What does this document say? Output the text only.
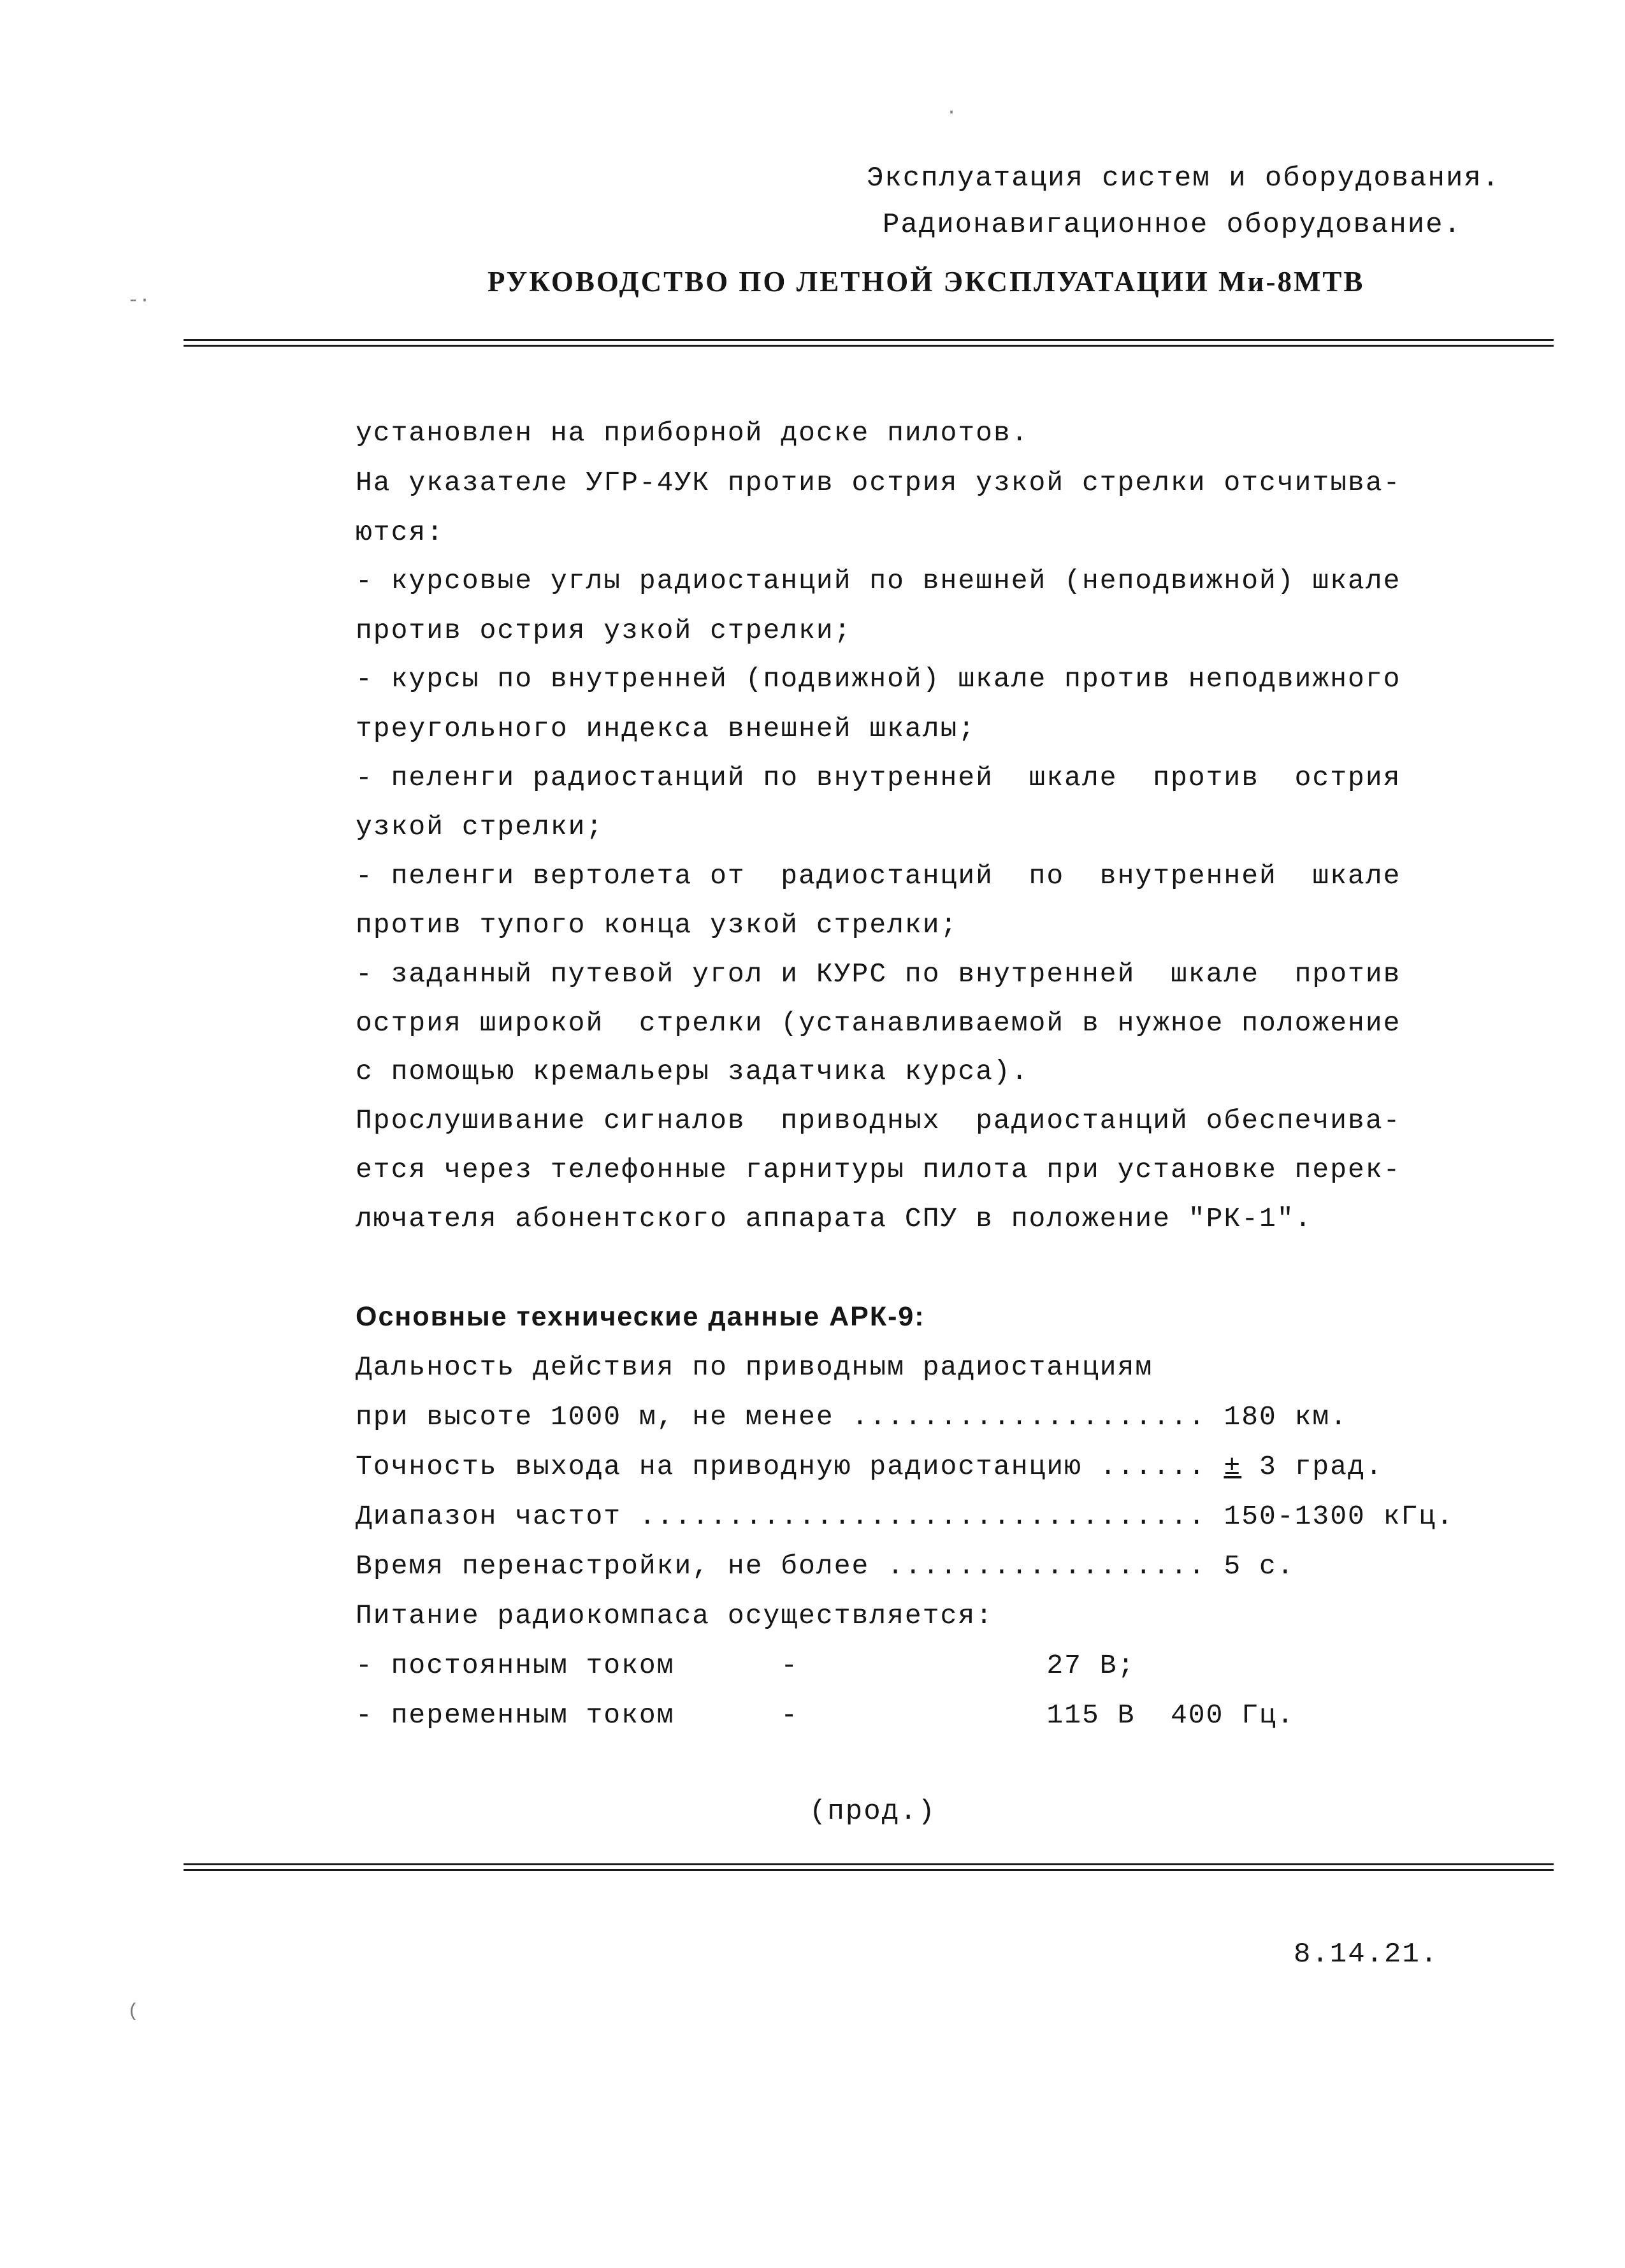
Эксплуатация систем и оборудования.
Радионавигационное оборудование.
РУКОВОДСТВО ПО ЛЕТНОЙ ЭКСПЛУАТАЦИИ Ми-8МТВ
установлен на приборной доске пилотов.
На указателе УГР-4УК против острия узкой стрелки отсчитыва-
ются:
- курсовые углы радиостанций по внешней (неподвижной) шкале
против острия узкой стрелки;
- курсы по внутренней (подвижной) шкале против неподвижного
треугольного индекса внешней шкалы;
- пеленги радиостанций по внутренней  шкале  против  острия
узкой стрелки;
- пеленги вертолета от  радиостанций  по  внутренней  шкале
против тупого конца узкой стрелки;
- заданный путевой угол и КУРС по внутренней  шкале  против
острия широкой  стрелки (устанавливаемой в нужное положение
с помощью кремальеры задатчика курса).
Прослушивание сигналов  приводных  радиостанций обеспечива-
ется через телефонные гарнитуры пилота при установке перек-
лючателя абонентского аппарата СПУ в положение "РК-1".
Основные технические данные АРК-9:
Дальность действия по приводным радиостанциям
при высоте 1000 м, не менее .................... 180 км.
Точность выхода на приводную радиостанцию ...... ± 3 град.
Диапазон частот ................................ 150-1300 кГц.
Время перенастройки, не более .................. 5 с.
Питание радиокомпаса осуществляется:
- постоянным током      -              27 В;
- переменным током      -              115 В  400 Гц.
(прод.)
8.14.21.
·
-·
(
